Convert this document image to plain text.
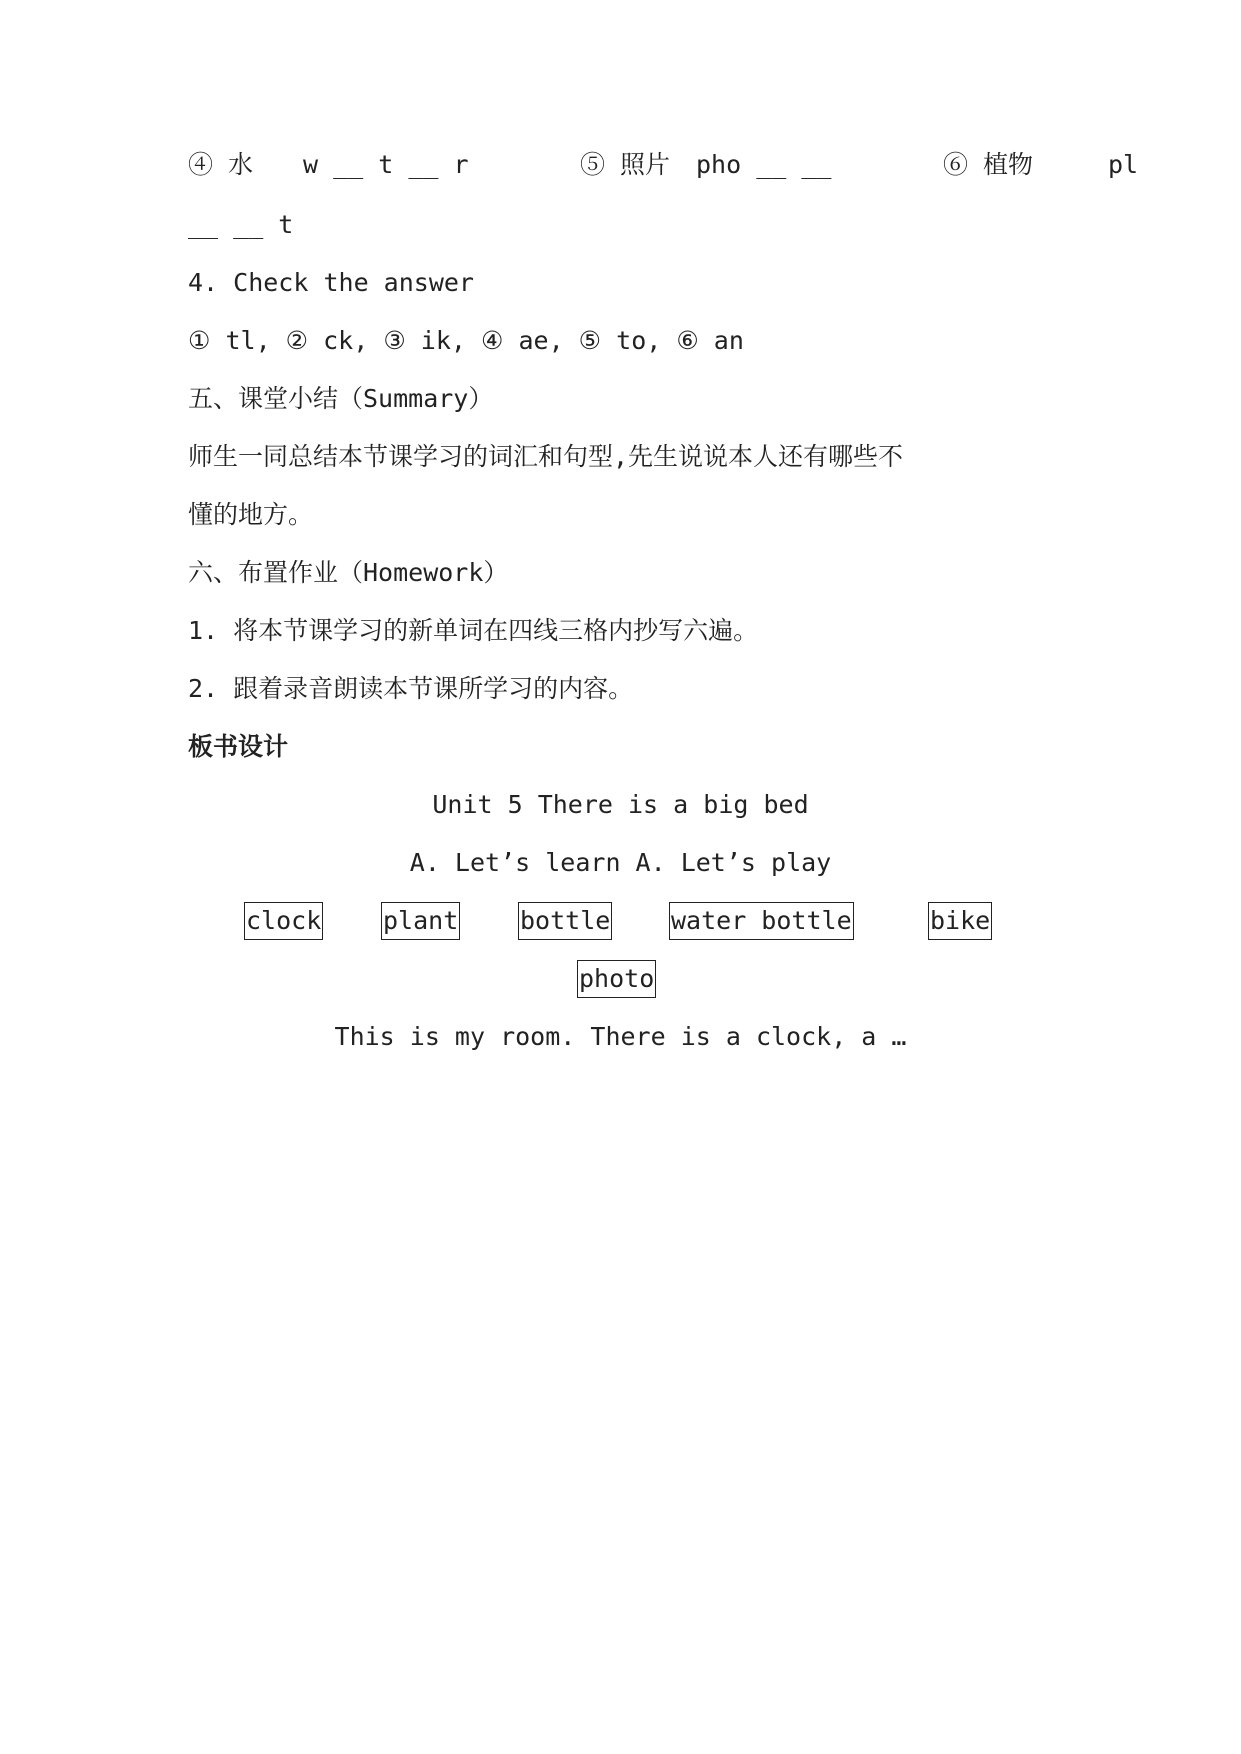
④ 水 w __ t __ r	⑤ 照片 pho __ __	⑥ 植物	pl
__ __ t
4. Check the answer
① tl, ② ck, ③ ik, ④ ae, ⑤ to, ⑥ an
五、课堂小结（Summary）
师生一同总结本节课学习的词汇和句型,先生说说本人还有哪些不
懂的地方。
六、布置作业（Homework）
1. 将本节课学习的新单词在四线三格内抄写六遍。
2. 跟着录音朗读本节课所学习的内容。
板书设计
Unit 5 There is a big bed
A. Let’s learn A. Let’s play
clock plant bottle water bottle	bike
photo
This is my room. There is a clock, a …
